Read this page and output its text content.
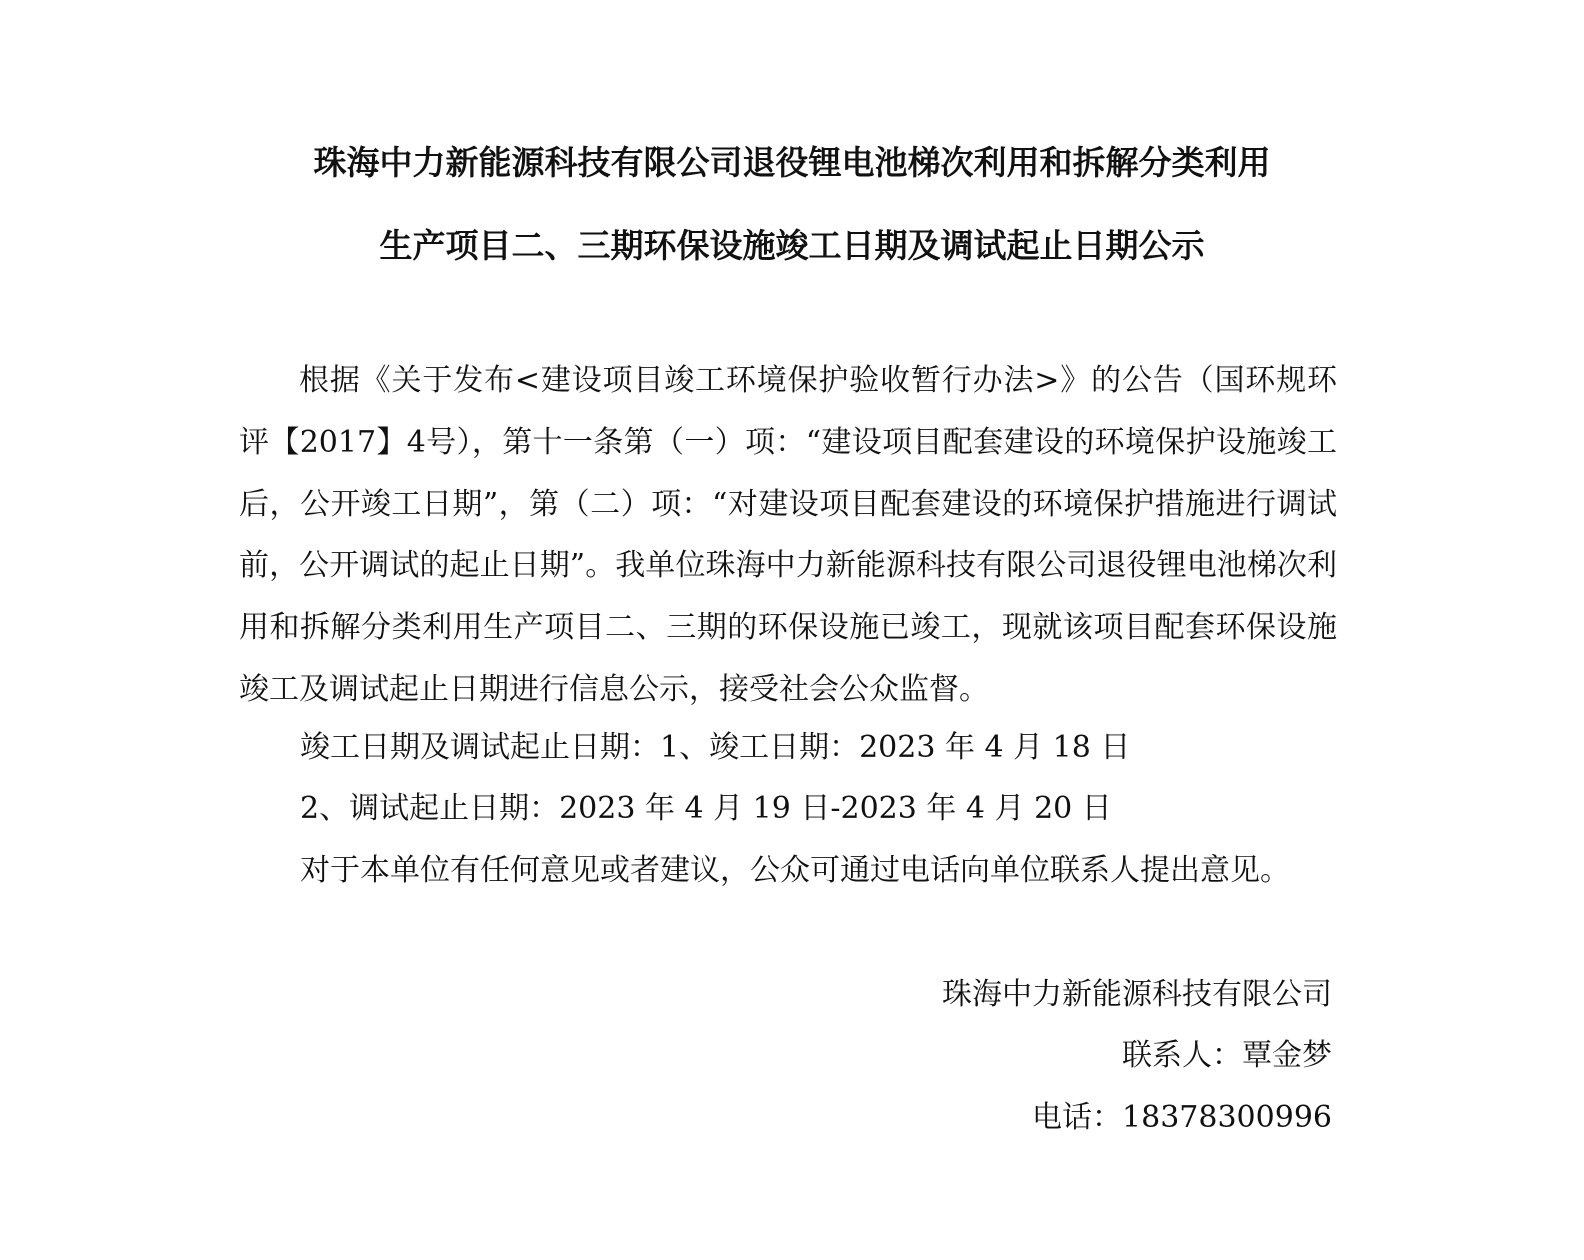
珠海中力新能源科技有限公司退役锂电池梯次利用和拆解分类利用
生产项目二、三期环保设施竣工日期及调试起止日期公示
根据《关于发布<建设项目竣工环境保护验收暂行办法>》的公告（国环规环评【2017】4号），第十一条第（一）项：“建设项目配套建设的环境保护设施竣工后，公开竣工日期”，第（二）项：“对建设项目配套建设的环境保护措施进行调试前，公开调试的起止日期”。我单位珠海中力新能源科技有限公司退役锂电池梯次利用和拆解分类利用生产项目二、三期的环保设施已竣工，现就该项目配套环保设施竣工及调试起止日期进行信息公示，接受社会公众监督。
竣工日期及调试起止日期：1、竣工日期：2023 年 4 月 18 日
2、调试起止日期：2023 年 4 月 19 日-2023 年 4 月 20 日
对于本单位有任何意见或者建议，公众可通过电话向单位联系人提出意见。
珠海中力新能源科技有限公司
联系人：覃金梦
电话：18378300996
